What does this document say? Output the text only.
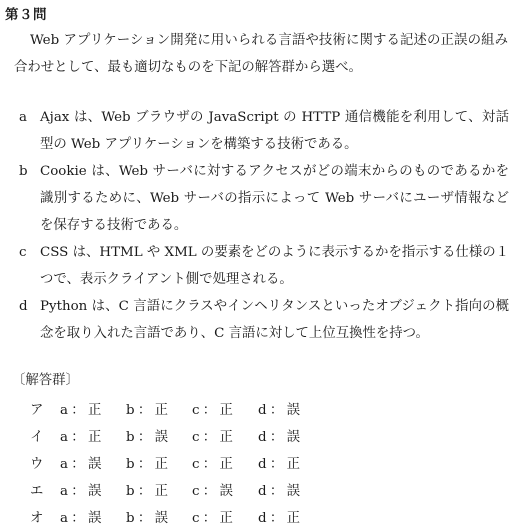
第３問

Web アプリケーション開発に用いられる言語や技術に関する記述の正誤の組み合わせとして、最も適切なものを下記の解答群から選べ。

a Ajax は、Web ブラウザの JavaScript の HTTP 通信機能を利用して、対話型の Web アプリケーションを構築する技術である。
b Cookie は、Web サーバに対するアクセスがどの端末からのものであるかを識別するために、Web サーバの指示によって Web サーバにユーザ情報などを保存する技術である。
c	CSS は、HTML や XML の要素をどのように表示するかを指示する仕様の１つで、表示クライアント側で処理される。
d Python は、C 言語にクラスやインヘリタンスといったオブジェクト指向の概念を取り入れた言語であり、C 言語に対して上位互換性を持つ。
〔解答群〕
ア	a ： 正	b ： 正	c ： 正	d ： 誤
イ	a ： 正	b ： 誤	c ： 正	d ： 誤
ウ	a ： 誤	b ： 正	c ： 正	d ： 正
エ	a ： 誤	b ： 正	c ： 誤	d ： 誤
オ	a ： 誤	b ： 誤	c ： 正	d ： 正
